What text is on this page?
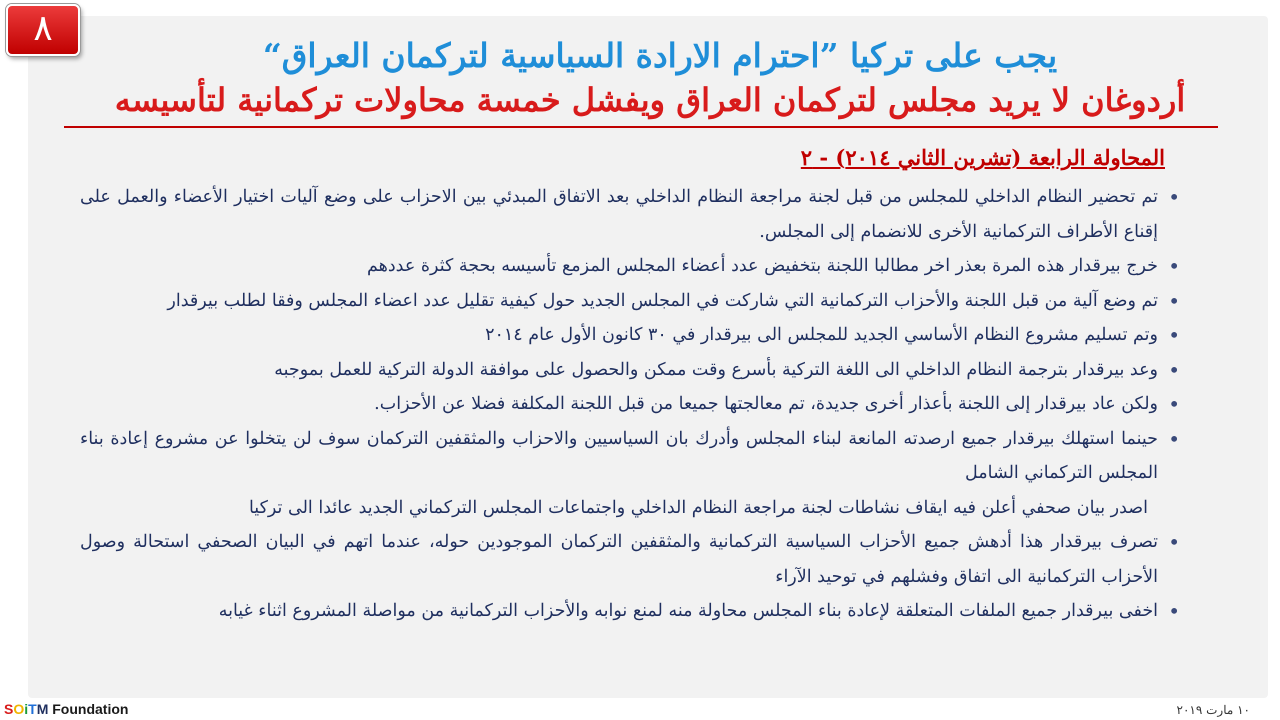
٨
يجب على تركيا ”احترام الارادة السياسية لتركمان العراق“
أردوغان لا يريد مجلس لتركمان العراق ويفشل خمسة محاولات تركمانية لتأسيسه
المحاولة الرابعة (تشرين الثاني ٢٠١٤) - ٢
• تم تحضير النظام الداخلي للمجلس من قبل لجنة مراجعة النظام الداخلي بعد الاتفاق المبدئي بين الاحزاب على وضع آليات اختيار الأعضاء والعمل على إقناع الأطراف التركمانية الأخرى للانضمام إلى المجلس.
• خرج بيرقدار هذه المرة بعذر اخر مطالبا اللجنة بتخفيض عدد أعضاء المجلس المزمع تأسيسه بحجة كثرة عددهم
• تم وضع آلية من قبل اللجنة والأحزاب التركمانية التي شاركت في المجلس الجديد حول كيفية تقليل عدد اعضاء المجلس وفقا لطلب بيرقدار
• وتم تسليم مشروع النظام الأساسي الجديد للمجلس الى بيرقدار في ٣٠ كانون الأول عام ٢٠١٤
• وعد بيرقدار بترجمة النظام الداخلي الى اللغة التركية بأسرع وقت ممكن والحصول على موافقة الدولة التركية للعمل بموجبه
• ولكن عاد بيرقدار إلى اللجنة بأعذار أخرى جديدة، تم معالجتها جميعا من قبل اللجنة المكلفة فضلا عن الأحزاب.
• حينما استهلك بيرقدار جميع ارصدته المانعة لبناء المجلس وأدرك بان السياسيين والاحزاب والمثقفين التركمان سوف لن يتخلوا عن مشروع إعادة بناء المجلس التركماني الشامل
اصدر بيان صحفي أعلن فيه ايقاف نشاطات لجنة مراجعة النظام الداخلي واجتماعات المجلس التركماني الجديد عائدا الى تركيا
• تصرف بيرقدار هذا أدهش جميع الأحزاب السياسية التركمانية والمثقفين التركمان الموجودين حوله، عندما اتهم في البيان الصحفي استحالة وصول الأحزاب التركمانية الى اتفاق وفشلهم في توحيد الآراء
• اخفى بيرقدار جميع الملفات المتعلقة لإعادة بناء المجلس محاولة منه لمنع نوابه والأحزاب التركمانية من مواصلة المشروع اثناء غيابه
SOiTM Foundation	١٠ مارت ٢٠١٩
